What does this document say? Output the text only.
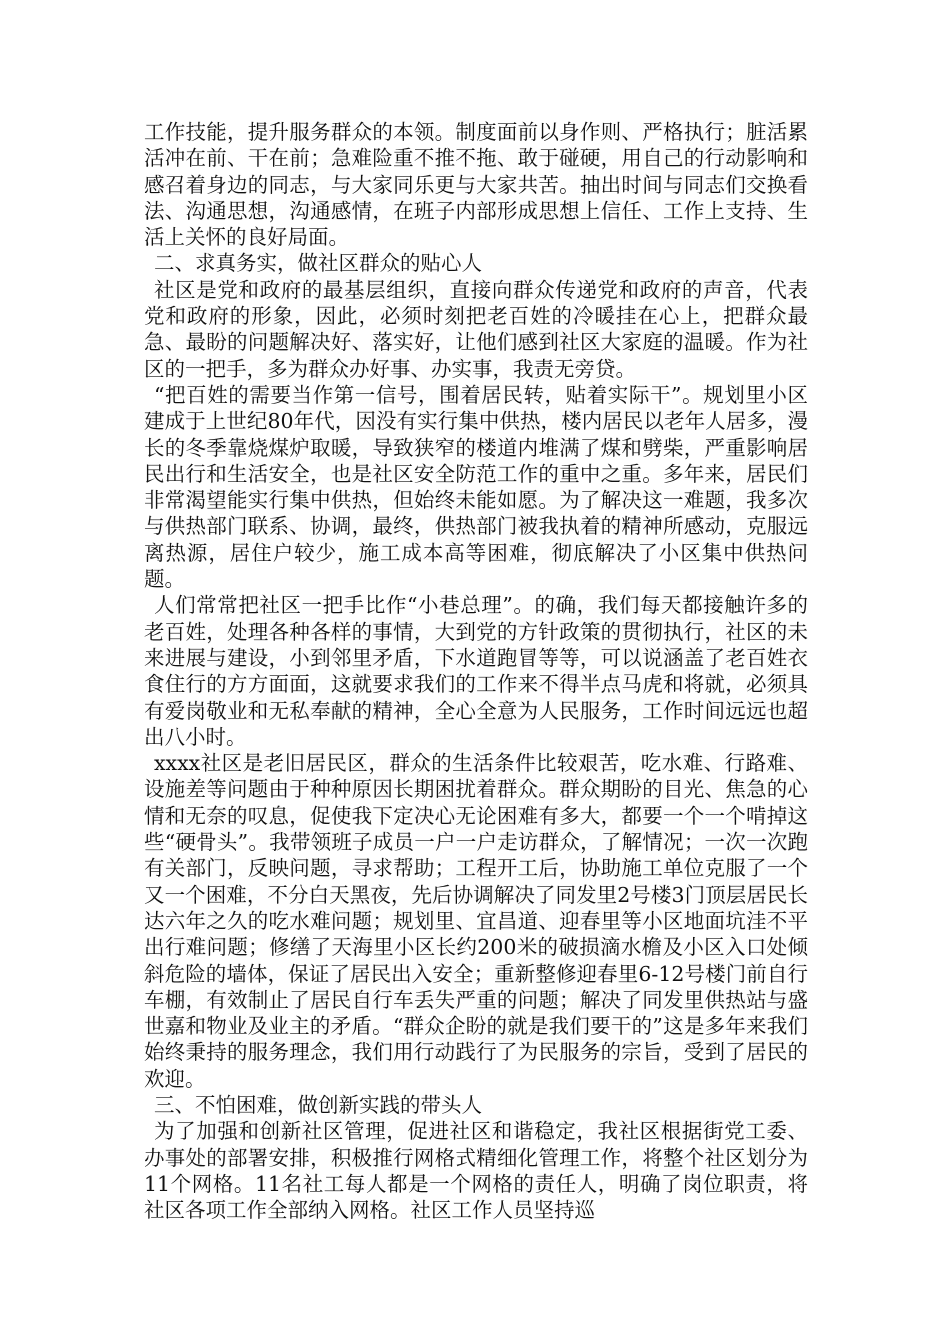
工作技能，提升服务群众的本领。制度面前以身作则、严格执行；脏活累活冲在前、干在前；急难险重不推不拖、敢于碰硬，用自己的行动影响和感召着身边的同志，与大家同乐更与大家共苦。抽出时间与同志们交换看法、沟通思想，沟通感情，在班子内部形成思想上信任、工作上支持、生活上关怀的良好局面。

二、求真务实，做社区群众的贴心人

社区是党和政府的最基层组织，直接向群众传递党和政府的声音，代表党和政府的形象，因此，必须时刻把老百姓的冷暖挂在心上，把群众最急、最盼的问题解决好、落实好，让他们感到社区大家庭的温暖。作为社区的一把手，多为群众办好事、办实事，我责无旁贷。

“把百姓的需要当作第一信号，围着居民转，贴着实际干”。规划里小区建成于上世纪80年代，因没有实行集中供热，楼内居民以老年人居多，漫长的冬季靠烧煤炉取暖，导致狭窄的楼道内堆满了煤和劈柴，严重影响居民出行和生活安全，也是社区安全防范工作的重中之重。多年来，居民们非常渴望能实行集中供热，但始终未能如愿。为了解决这一难题，我多次与供热部门联系、协调，最终，供热部门被我执着的精神所感动，克服远离热源，居住户较少，施工成本高等困难，彻底解决了小区集中供热问题。

人们常常把社区一把手比作“小巷总理”。的确，我们每天都接触许多的老百姓，处理各种各样的事情，大到党的方针政策的贯彻执行，社区的未来进展与建设，小到邻里矛盾，下水道跑冒等等，可以说涵盖了老百姓衣食住行的方方面面，这就要求我们的工作来不得半点马虎和将就，必须具有爱岗敬业和无私奉献的精神，全心全意为人民服务，工作时间远远也超出八小时。

xxxx社区是老旧居民区，群众的生活条件比较艰苦，吃水难、行路难、设施差等问题由于种种原因长期困扰着群众。群众期盼的目光、焦急的心情和无奈的叹息，促使我下定决心无论困难有多大，都要一个一个啃掉这些“硬骨头”。我带领班子成员一户一户走访群众，了解情况；一次一次跑有关部门，反映问题，寻求帮助；工程开工后，协助施工单位克服了一个又一个困难，不分白天黑夜，先后协调解决了同发里2号楼3门顶层居民长达六年之久的吃水难问题；规划里、宜昌道、迎春里等小区地面坑洼不平出行难问题；修缮了天海里小区长约200米的破损滴水檐及小区入口处倾斜危险的墙体，保证了居民出入安全；重新整修迎春里6-12号楼门前自行车棚，有效制止了居民自行车丢失严重的问题；解决了同发里供热站与盛世嘉和物业及业主的矛盾。“群众企盼的就是我们要干的”这是多年来我们始终秉持的服务理念，我们用行动践行了为民服务的宗旨，受到了居民的欢迎。

三、不怕困难，做创新实践的带头人

为了加强和创新社区管理，促进社区和谐稳定，我社区根据街党工委、办事处的部署安排，积极推行网格式精细化管理工作，将整个社区划分为11个网格。11名社工每人都是一个网格的责任人，明确了岗位职责，将社区各项工作全部纳入网格。社区工作人员坚持巡
